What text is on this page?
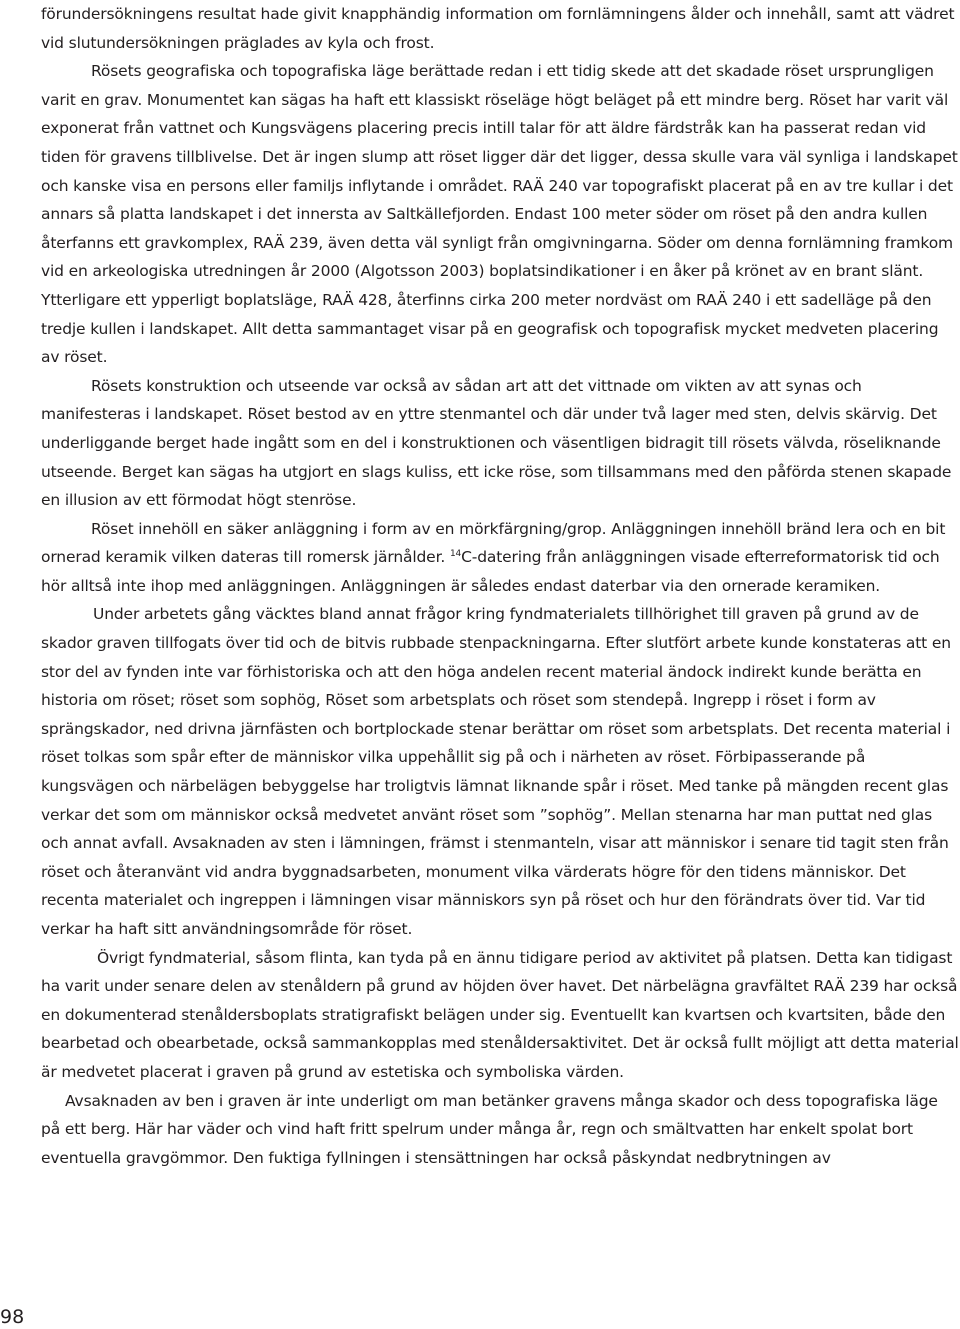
förundersökningens resultat hade givit knapphändig information om fornlämningens ålder och innehåll, samt att vädret vid slutundersökningen präglades av kyla och frost.

Rösets geografiska och topografiska läge berättade redan i ett tidig skede att det skadade röset ursprungligen varit en grav. Monumentet kan sägas ha haft ett klassiskt röseläge högt beläget på ett mindre berg. Röset har varit väl exponerat från vattnet och Kungsvägens placering precis intill talar för att äldre färdstråk kan ha passerat redan vid tiden för gravens tillblivelse. Det är ingen slump att röset ligger där det ligger, dessa skulle vara väl synliga i landskapet och kanske visa en persons eller familjs inflytande i området. RAÄ 240 var topografiskt placerat på en av tre kullar i det annars så platta landskapet i det innersta av Saltkällefjorden. Endast 100 meter söder om röset på den andra kullen återfanns ett gravkomplex, RAÄ 239, även detta väl synligt från omgivningarna. Söder om denna fornlämning framkom vid en arkeologiska utredningen år 2000 (Algotsson 2003) boplatsindikationer i en åker på krönet av en brant slänt. Ytterligare ett ypperligt boplatsläge, RAÄ 428, återfinns cirka 200 meter nordväst om RAÄ 240 i ett sadelläge på den tredje kullen i landskapet. Allt detta sammantaget visar på en geografisk och topografisk mycket medveten placering av röset.

Rösets konstruktion och utseende var också av sådan art att det vittnade om vikten av att synas och manifesteras i landskapet. Röset bestod av en yttre stenmantel och där under två lager med sten, delvis skärvig. Det underliggande berget hade ingått som en del i konstruktionen och väsentligen bidragit till rösets välvda, röseliknande utseende. Berget kan sägas ha utgjort en slags kuliss, ett icke röse, som tillsammans med den påförda stenen skapade en illusion av ett förmodat högt stenröse.

Röset innehöll en säker anläggning i form av en mörkfärgning/grop. Anläggningen innehöll bränd lera och en bit ornerad keramik vilken dateras till romersk järnålder. $^{14}$C-datering från anläggningen visade efterreformatorisk tid och hör alltså inte ihop med anläggningen. Anläggningen är således endast daterbar via den ornerade keramiken.

Under arbetets gång väcktes bland annat frågor kring fyndmaterialets tillhörighet till graven på grund av de skador graven tillfogats över tid och de bitvis rubbade stenpackningarna. Efter slutfört arbete kunde konstateras att en stor del av fynden inte var förhistoriska och att den höga andelen recent material ändock indirekt kunde berätta en historia om röset; röset som sophög, Röset som arbetsplats och röset som stendepå. Ingrepp i röset i form av sprängskador, ned drivna järnfästen och bortplockade stenar berättar om röset som arbetsplats. Det recenta material i röset tolkas som spår efter de människor vilka uppehållit sig på och i närheten av röset. Förbipasserande på kungsvägen och närbelägen bebyggelse har troligtvis lämnat liknande spår i röset. Med tanke på mängden recent glas verkar det som om människor också medvetet använt röset som ”sophög”. Mellan stenarna har man puttat ned glas och annat avfall. Avsaknaden av sten i lämningen, främst i stenmanteln, visar att människor i senare tid tagit sten från röset och återanvänt vid andra byggnadsarbeten, monument vilka värderats högre för den tidens människor. Det recenta materialet och ingreppen i lämningen visar människors syn på röset och hur den förändrats över tid. Var tid verkar ha haft sitt användningsområde för röset.

Övrigt fyndmaterial, såsom flinta, kan tyda på en ännu tidigare period av aktivitet på platsen. Detta kan tidigast ha varit under senare delen av stenåldern på grund av höjden över havet. Det närbelägna gravfältet RAÄ 239 har också en dokumenterad stenåldersboplats stratigrafiskt belägen under sig. Eventuellt kan kvartsen och kvartsiten, både den bearbetad och obearbetade, också sammankopplas med stenåldersaktivitet. Det är också fullt möjligt att detta material är medvetet placerat i graven på grund av estetiska och symboliska värden.

Avsaknaden av ben i graven är inte underligt om man betänker gravens många skador och dess topografiska läge på ett berg. Här har väder och vind haft fritt spelrum under många år, regn och smältvatten har enkelt spolat bort eventuella gravgömmor. Den fuktiga fyllningen i stensättningen har också påskyndat nedbrytningen av

98
